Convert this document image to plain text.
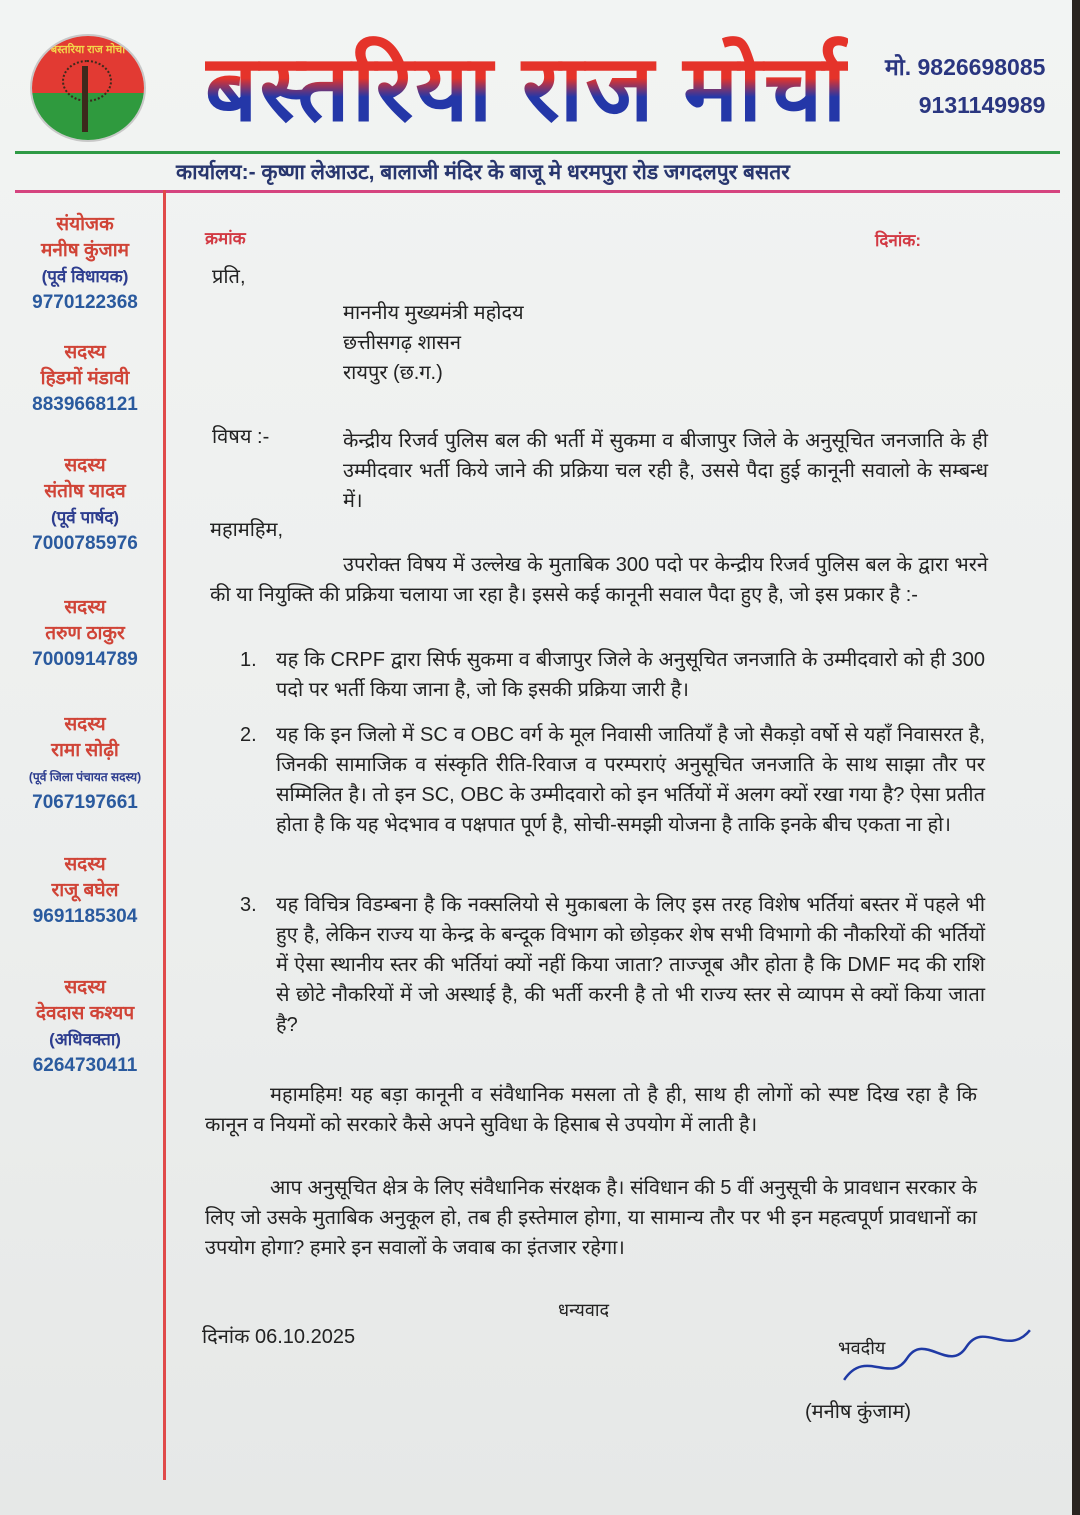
बस्तरिया राज मोर्चा बस्तरिया राज मोर्चा मो. 9826698085
9131149989
कार्यालय:- कृष्णा लेआउट, बालाजी मंदिर के बाजू मे धरमपुरा रोड जगदलपुर बसतर
संयोजक
मनीष कुंजाम
(पूर्व विधायक)
9770122368
सदस्य
हिडमों मंडावी
8839668121
सदस्य
संतोष यादव
(पूर्व पार्षद)
7000785976
सदस्य
तरुण ठाकुर
7000914789
सदस्य
रामा सोढ़ी
(पूर्व जिला पंचायत सदस्य)
7067197661
सदस्य
राजू बघेल
9691185304
सदस्य
देवदास कश्यप
(अधिवक्ता)
6264730411
क्रमांक	दिनांक:
प्रति,
माननीय मुख्यमंत्री महोदय
छत्तीसगढ़ शासन
रायपुर (छ.ग.)
विषय :-	केन्द्रीय रिजर्व पुलिस बल की भर्ती में सुकमा व बीजापुर जिले के अनुसूचित जनजाति के ही उम्मीदवार भर्ती किये जाने की प्रक्रिया चल रही है, उससे पैदा हुई कानूनी सवालो के सम्बन्ध में।
महामहिम,
उपरोक्त विषय में उल्लेख के मुताबिक 300 पदो पर केन्द्रीय रिजर्व पुलिस बल के द्वारा भरने की या नियुक्ति की प्रक्रिया चलाया जा रहा है। इससे कई कानूनी सवाल पैदा हुए है, जो इस प्रकार है :-
1. यह कि CRPF द्वारा सिर्फ सुकमा व बीजापुर जिले के अनुसूचित जनजाति के उम्मीदवारो को ही 300 पदो पर भर्ती किया जाना है, जो कि इसकी प्रक्रिया जारी है।
2. यह कि इन जिलो में SC व OBC वर्ग के मूल निवासी जातियाँ है जो सैकड़ो वर्षो से यहाँ निवासरत है, जिनकी सामाजिक व संस्कृति रीति-रिवाज व परम्पराएं अनुसूचित जनजाति के साथ साझा तौर पर सम्मिलित है। तो इन SC, OBC के उम्मीदवारो को इन भर्तियों में अलग क्यों रखा गया है? ऐसा प्रतीत होता है कि यह भेदभाव व पक्षपात पूर्ण है, सोची-समझी योजना है ताकि इनके बीच एकता ना हो।
3. यह विचित्र विडम्बना है कि नक्सलियो से मुकाबला के लिए इस तरह विशेष भर्तियां बस्तर में पहले भी हुए है, लेकिन राज्य या केन्द्र के बन्दूक विभाग को छोड़कर शेष सभी विभागो की नौकरियों की भर्तियों में ऐसा स्थानीय स्तर की भर्तियां क्यों नहीं किया जाता? ताज्जूब और होता है कि DMF मद की राशि से छोटे नौकरियों में जो अस्थाई है, की भर्ती करनी है तो भी राज्य स्तर से व्यापम से क्यों किया जाता है?
महामहिम! यह बड़ा कानूनी व संवैधानिक मसला तो है ही, साथ ही लोगों को स्पष्ट दिख रहा है कि कानून व नियमों को सरकारे कैसे अपने सुविधा के हिसाब से उपयोग में लाती है।
आप अनुसूचित क्षेत्र के लिए संवैधानिक संरक्षक है। संविधान की 5 वीं अनुसूची के प्रावधान सरकार के लिए जो उसके मुताबिक अनुकूल हो, तब ही इस्तेमाल होगा, या सामान्य तौर पर भी इन महत्वपूर्ण प्रावधानों का उपयोग होगा? हमारे इन सवालों के जवाब का इंतजार रहेगा।
धन्यवाद
दिनांक 06.10.2025	भवदीय
(मनीष कुंजाम)
